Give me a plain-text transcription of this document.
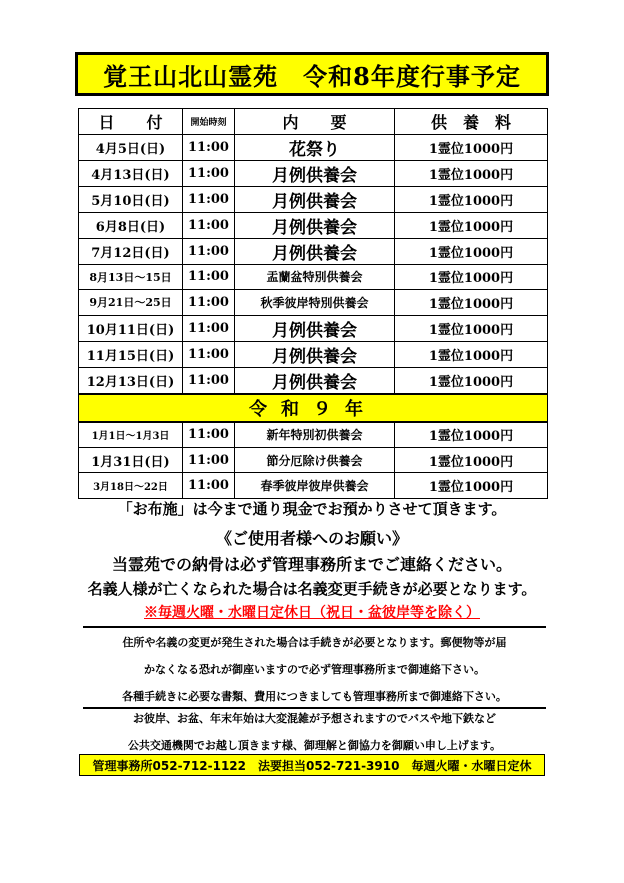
覚王山北山霊苑　令和8年度行事予定
日　　付	開始時刻	内　　要	供　養　料
4月5日(日)	11:00	花祭り	1霊位1000円
4月13日(日)	11:00	月例供養会	1霊位1000円
5月10日(日)	11:00	月例供養会	1霊位1000円
6月8日(日)	11:00	月例供養会	1霊位1000円
7月12日(日)	11:00	月例供養会	1霊位1000円
8月13日～15日	11:00	盂蘭盆特別供養会	1霊位1000円
9月21日～25日	11:00	秋季彼岸特別供養会	1霊位1000円
10月11日(日)	11:00	月例供養会	1霊位1000円
11月15日(日)	11:00	月例供養会	1霊位1000円
12月13日(日)	11:00	月例供養会	1霊位1000円
令和９年			
1月1日～1月3日	11:00	新年特別初供養会	1霊位1000円
1月31日(日)	11:00	節分厄除け供養会	1霊位1000円
3月18日～22日	11:00	春季彼岸彼岸供養会	1霊位1000円
「お布施」は今まで通り現金でお預かりさせて頂きます。
《ご使用者様へのお願い》
当霊苑での納骨は必ず管理事務所までご連絡ください。
名義人様が亡くなられた場合は名義変更手続きが必要となります。
※毎週火曜・水曜日定休日（祝日・盆彼岸等を除く）
住所や名義の変更が発生された場合は手続きが必要となります。郵便物等が届
かなくなる恐れが御座いますので必ず管理事務所まで御連絡下さい。
各種手続きに必要な書類、費用につきましても管理事務所まで御連絡下さい。
お彼岸、お盆、年末年始は大変混雑が予想されますのでバスや地下鉄など
公共交通機関でお越し頂きます様、御理解と御協力を御願い申し上げます。
管理事務所052-712-1122　法要担当052-721-3910　毎週火曜・水曜日定休
